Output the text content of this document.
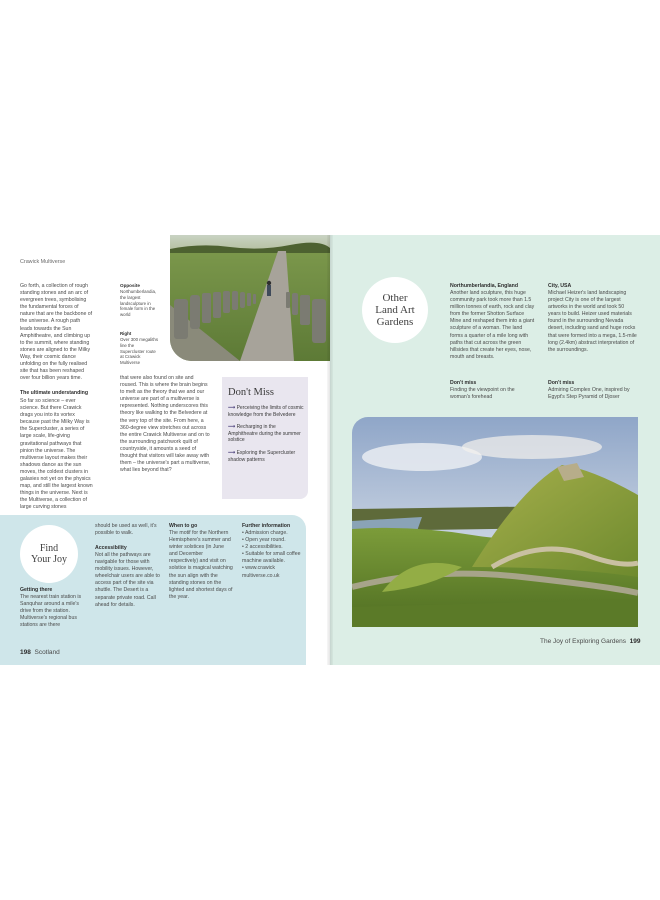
Crawick Multiverse
Go forth, a collection of rough standing stones and an arc of evergreen trees, symbolising the fundamental forces of nature that are the backbone of the universe. A rough path leads towards the Sun Amphitheatre, and climbing up to the summit, where standing stones are aligned to the Milky Way, their cosmic dance unfolding on the fully realised site that has been reshaped over four billion years time.
The ultimate understanding
So far so science – ever science. But there Crawick drags you into its vortex because past the Milky Way is the Supercluster, a series of large scale, life-giving gravitational pathways that pinion the universe. The multiverse layout makes their shadows dance as the sun moves, the coldest clusters in galaxies not yet on the physics map, and still the largest known things in the universe. Next is the Multiverse, a collection of large curving stones
Opposite
Northumberlandia, the largest landsculpture in female form in the world
Right
Over 300 megaliths line the Supercluster route at Crawick Multiverse
that were also found on site and roused. This is where the brain begins to melt as the theory that we and our universe are part of a multiverse is represented. Nothing underscores this theory like walking to the Belvedere at the very top of the site. From here, a 360-degree view stretches out across the entire Crawick Multiverse and on to the surrounding patchwork quilt of countryside, it amounts a seed of thought that visitors will take away with them – the universe's part a multiverse, what lies beyond that?
Don't Miss
⟶ Perceiving the limits of cosmic knowledge from the Belvedere
⟶ Recharging in the Amphitheatre during the summer solstice
⟶ Exploring the Supercluster shadow patterns
Find
Your Joy
Getting there
The nearest train station is Sanquhar around a mile's drive from the station. Multiverse's regional bus stations are there
should be used as well, it's possible to walk.
Accessibility
Not all the pathways are navigable for those with mobility issues. However, wheelchair users are able to access part of the site via shuttle. The Desert is a separate private road. Call ahead for details.
When to go
The motif for the Northern Hemisphere's summer and winter solstices (in June and December respectively) and visit on solstice is magical watching the sun align with the standing stones on the lighted and shortest days of the year.
Further information
• Admission charge.
• Open year round.
• 2 accessibilities.
• Suitable for small coffee machine available.
• www.crawick multiverse.co.uk
198 Scotland
Other
Land Art
Gardens
Northumberlandia, England
Another land sculpture, this huge community park took more than 1.5 million tonnes of earth, rock and clay from the former Shotton Surface Mine and reshaped them into a giant sculpture of a woman. The land forms a quarter of a mile long with paths that cut across the green hillsides that create her eyes, nose, mouth and breasts.
Don't miss
Finding the viewpoint on the woman's forehead
City, USA
Michael Heizer's land landscaping project City is one of the largest artworks in the world and took 50 years to build. Heizer used materials found in the surrounding Nevada desert, including sand and huge rocks that were formed into a mega, 1.5-mile long (2.4km) abstract interpretation of the surroundings.
Don't miss
Admiring Complex One, inspired by Egypt's Step Pyramid of Djoser
The Joy of Exploring Gardens 199
